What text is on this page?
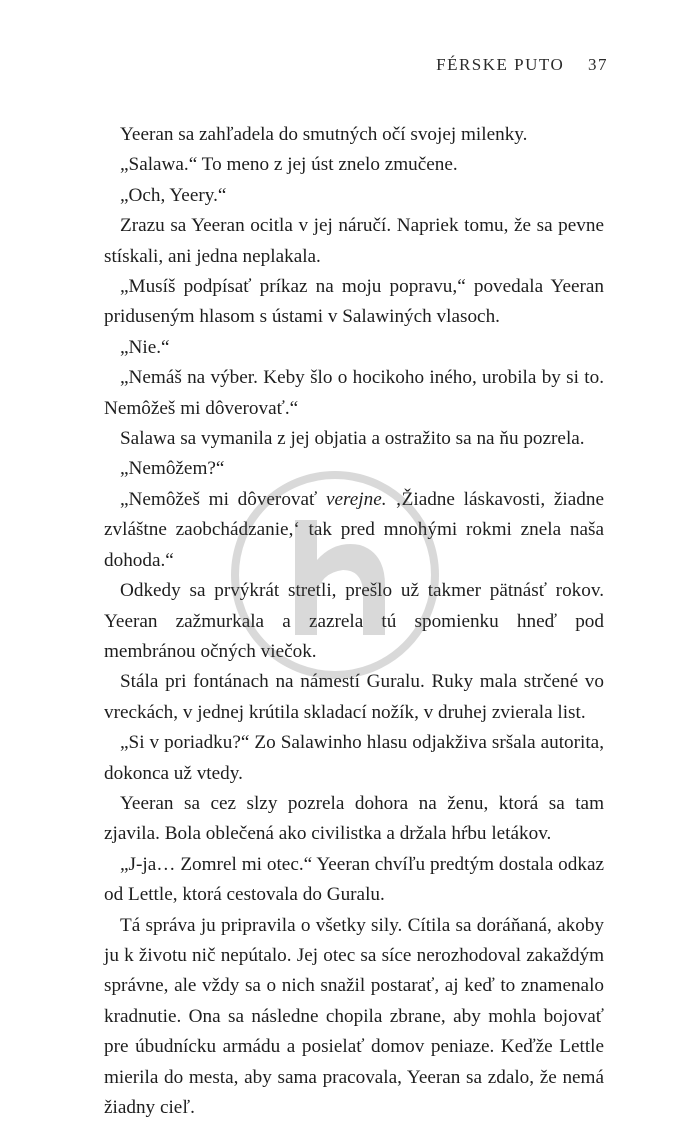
FÉRSKE PUTO 37

Yeeran sa zahľadela do smutných očí svojej milenky.

„Salawa.“ To meno z jej úst znelo zmučene.

„Och, Yeery.“

Zrazu sa Yeeran ocitla v jej náručí. Napriek tomu, že sa pevne stískali, ani jedna neplakala.

„Musíš podpísať príkaz na moju popravu,“ povedala Yeeran priduseným hlasom s ústami v Salawiných vlasoch.

„Nie.“

„Nemáš na výber. Keby šlo o hocikoho iného, urobila by si to. Nemôžeš mi dôverovať.“

Salawa sa vymanila z jej objatia a ostražito sa na ňu pozrela.

„Nemôžem?“

„Nemôžeš mi dôverovať verejne. ‚Žiadne láskavosti, žiadne zvláštne zaobchádzanie,‘ tak pred mnohými rokmi znela naša dohoda.“

Odkedy sa prvýkrát stretli, prešlo už takmer pätnásť rokov. Yeeran zažmurkala a zazrela tú spomienku hneď pod membránou očných viečok.

Stála pri fontánach na námestí Guralu. Ruky mala strčené vo vreckách, v jednej krútila skladací nožík, v druhej zvierala list.

„Si v poriadku?“ Zo Salawinho hlasu odjakživa sršala autorita, dokonca už vtedy.

Yeeran sa cez slzy pozrela dohora na ženu, ktorá sa tam zjavila. Bola oblečená ako civilistka a držala hŕbu letákov.

„J-ja… Zomrel mi otec.“ Yeeran chvíľu predtým dostala odkaz od Lettle, ktorá cestovala do Guralu.

Tá správa ju pripravila o všetky sily. Cítila sa doráňaná, akoby ju k životu nič nepútalo. Jej otec sa síce nerozhodoval zakaždým správne, ale vždy sa o nich snažil postarať, aj keď to znamenalo kradnutie. Ona sa následne chopila zbrane, aby mohla bojovať pre úbudnícku armádu a posielať domov peniaze. Keďže Lettle mierila do mesta, aby sama pracovala, Yeeran sa zdalo, že nemá žiadny cieľ.
